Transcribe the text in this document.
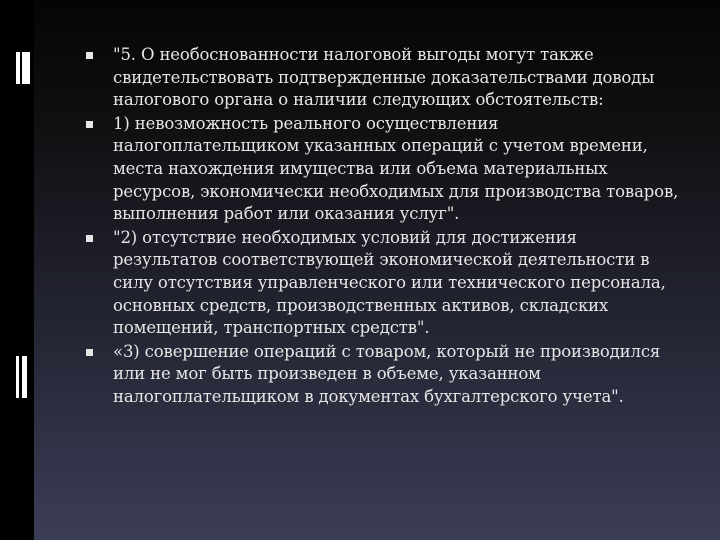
"5. О необоснованности налоговой выгоды могут также свидетельствовать подтвержденные доказательствами доводы налогового органа о наличии следующих обстоятельств:
1) невозможность реального осуществления налогоплательщиком указанных операций с учетом времени, места нахождения имущества или объема материальных ресурсов, экономически необходимых для производства товаров, выполнения работ или оказания услуг".
"2) отсутствие необходимых условий для достижения результатов соответствующей экономической деятельности в силу отсутствия управленческого или технического персонала, основных средств, производственных активов, складских помещений, транспортных средств".
«3) совершение операций с товаром, который не производился или не мог быть произведен в объеме, указанном налогоплательщиком в документах бухгалтерского учета".
